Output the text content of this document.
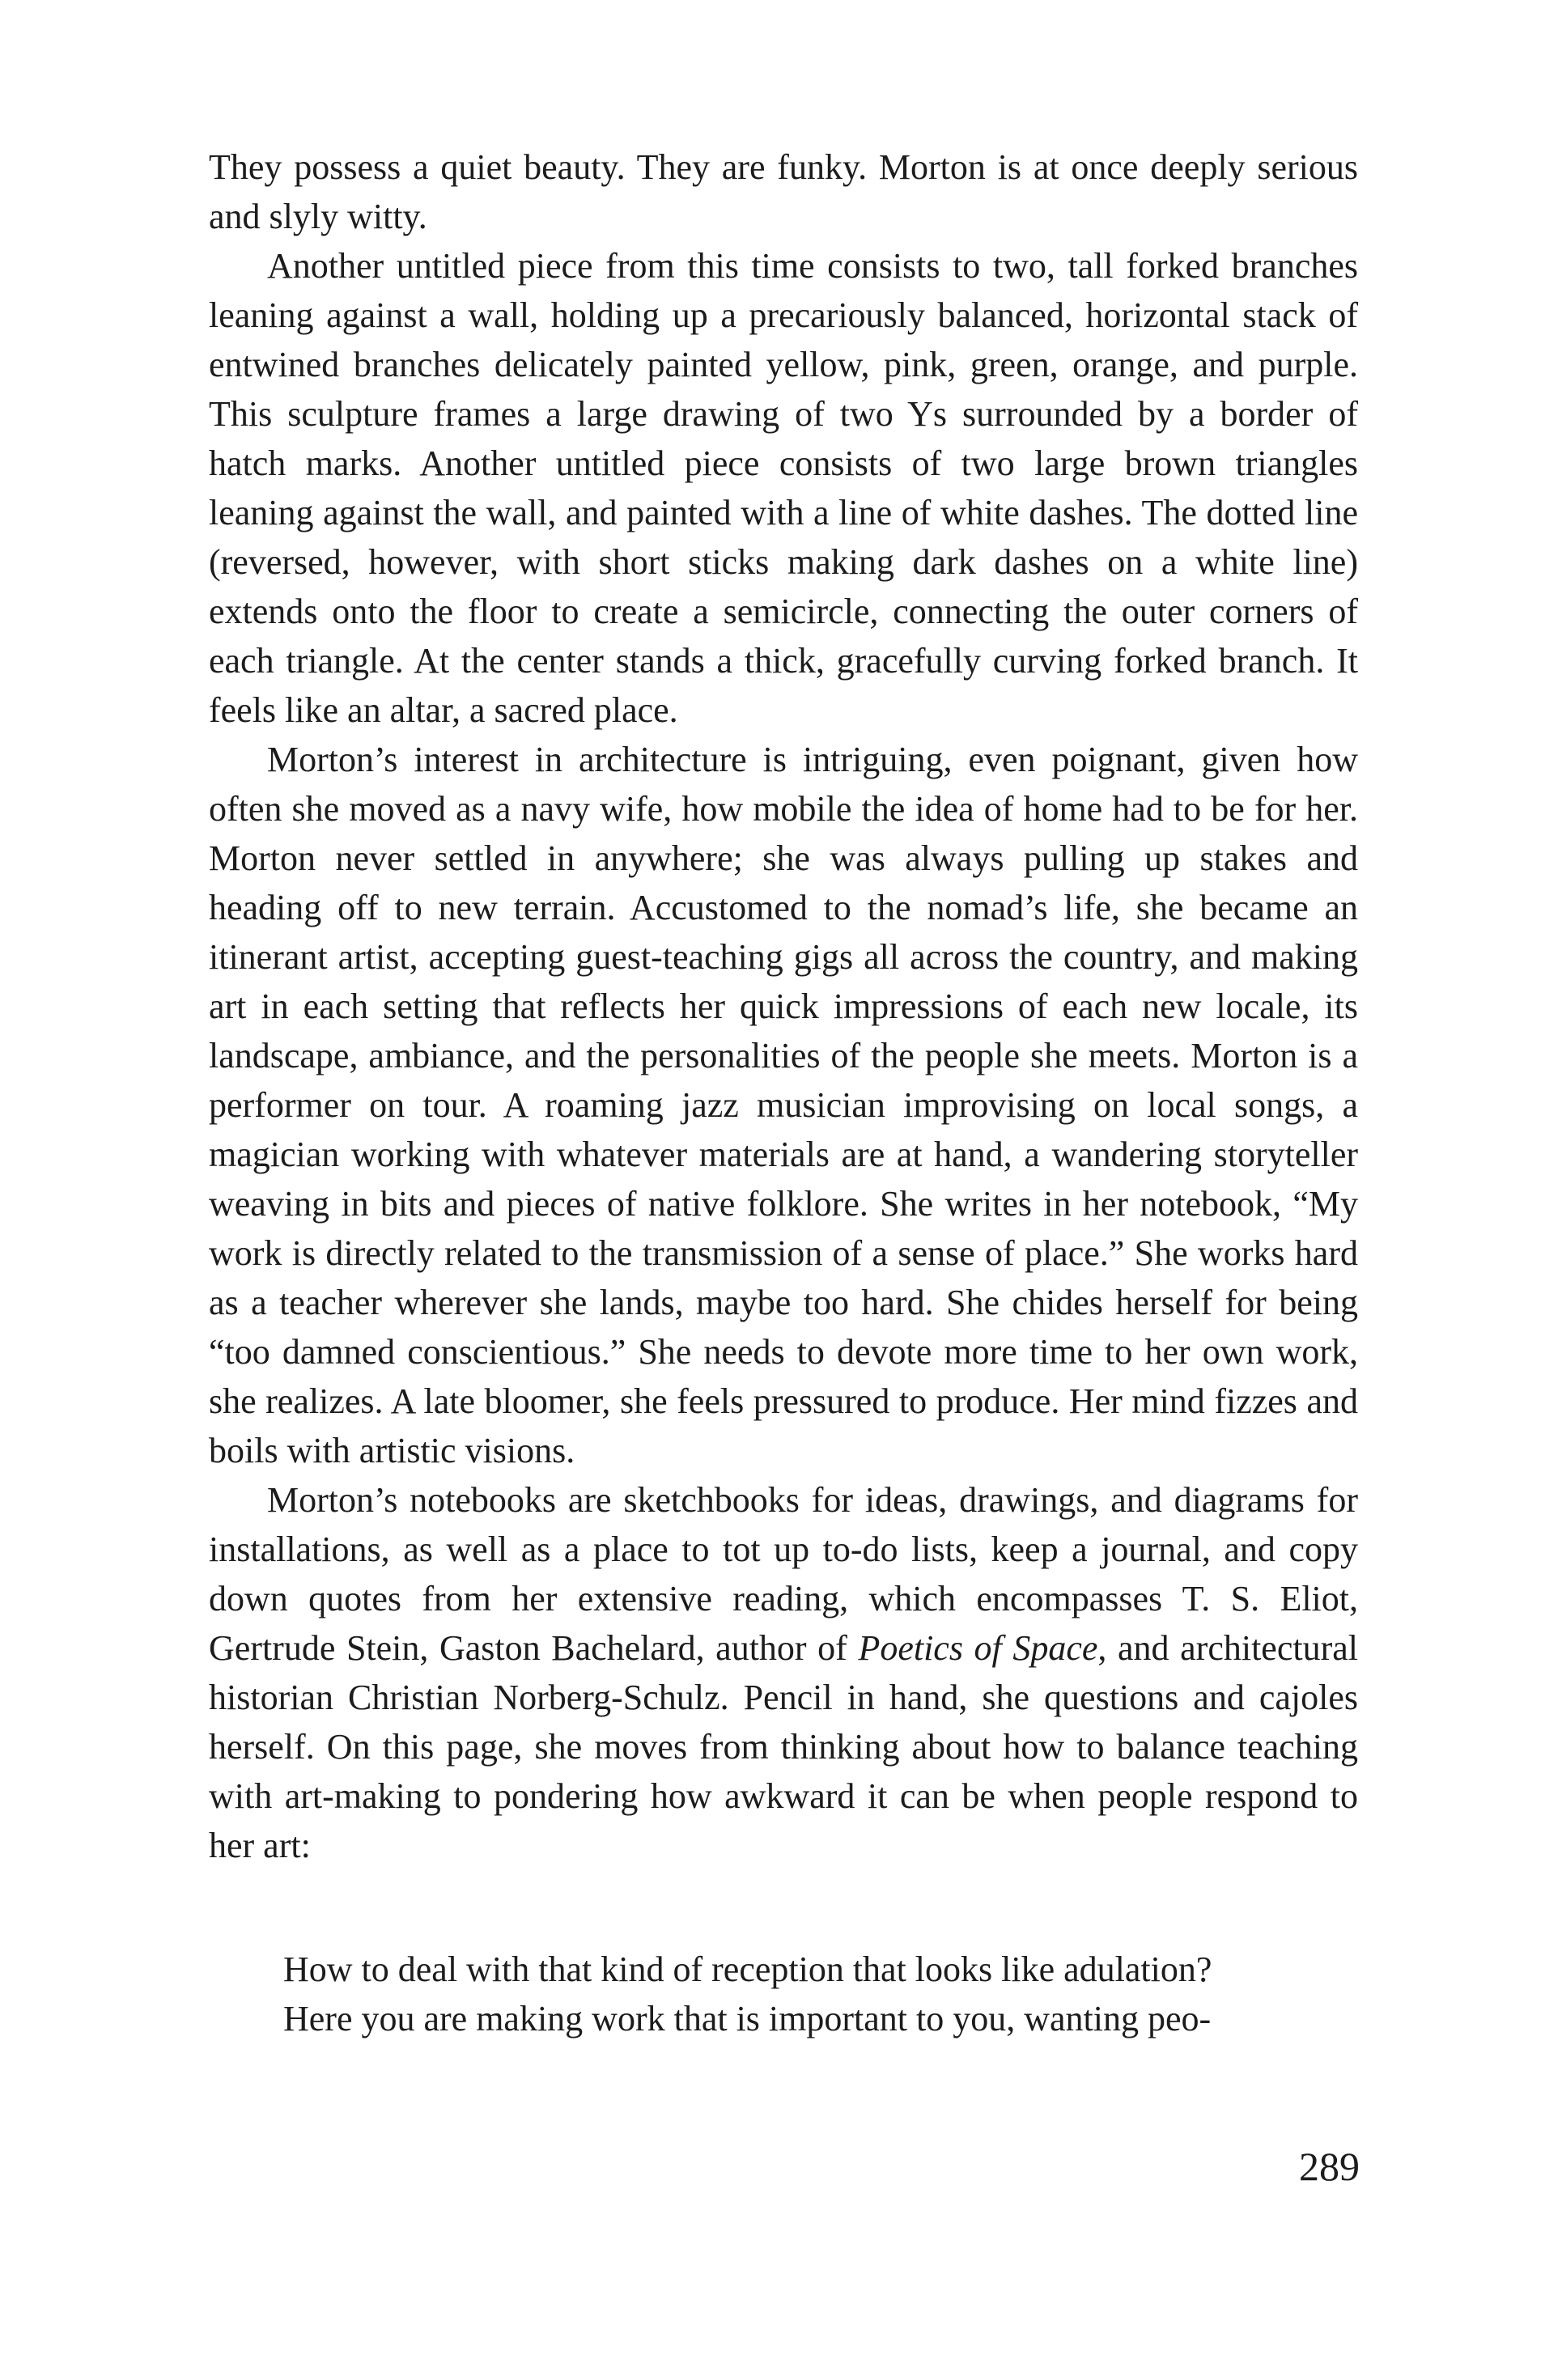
They possess a quiet beauty. They are funky. Morton is at once deeply serious and slyly witty.

Another untitled piece from this time consists to two, tall forked branches leaning against a wall, holding up a precariously balanced, horizontal stack of entwined branches delicately painted yellow, pink, green, orange, and purple. This sculpture frames a large drawing of two Ys surrounded by a border of hatch marks. Another untitled piece consists of two large brown triangles leaning against the wall, and painted with a line of white dashes. The dotted line (reversed, however, with short sticks making dark dashes on a white line) extends onto the floor to create a semicircle, connecting the outer corners of each triangle. At the center stands a thick, gracefully curving forked branch. It feels like an altar, a sacred place.

Morton’s interest in architecture is intriguing, even poignant, given how often she moved as a navy wife, how mobile the idea of home had to be for her. Morton never settled in anywhere; she was always pulling up stakes and heading off to new terrain. Accustomed to the nomad’s life, she became an itinerant artist, accepting guest-teaching gigs all across the country, and making art in each setting that reflects her quick impressions of each new locale, its landscape, ambiance, and the personalities of the people she meets. Morton is a performer on tour. A roaming jazz musician improvising on local songs, a magician working with whatever materials are at hand, a wandering storyteller weaving in bits and pieces of native folklore. She writes in her notebook, “My work is directly related to the transmission of a sense of place.” She works hard as a teacher wherever she lands, maybe too hard. She chides herself for being “too damned conscientious.” She needs to devote more time to her own work, she realizes. A late bloomer, she feels pressured to produce. Her mind fizzes and boils with artistic visions.

Morton’s notebooks are sketchbooks for ideas, drawings, and diagrams for installations, as well as a place to tot up to-do lists, keep a journal, and copy down quotes from her extensive reading, which encompasses T. S. Eliot, Gertrude Stein, Gaston Bachelard, author of Poetics of Space, and architectural historian Christian Norberg-Schulz. Pencil in hand, she questions and cajoles herself. On this page, she moves from thinking about how to balance teaching with art-making to pondering how awkward it can be when people respond to her art:

How to deal with that kind of reception that looks like adulation?
Here you are making work that is important to you, wanting peo-
289
